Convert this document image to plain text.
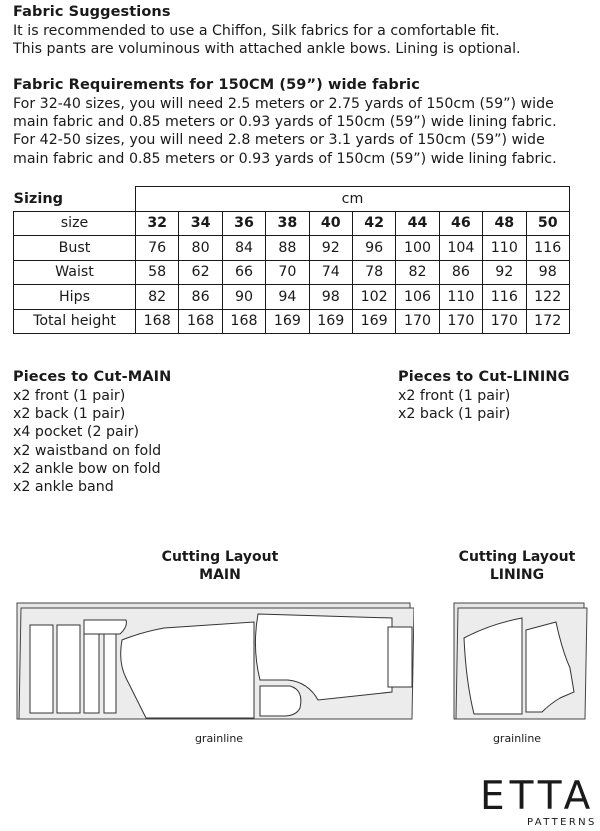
Fabric Suggestions
It is recommended to use a Chiffon, Silk fabrics for a comfortable fit.
This pants are voluminous with attached ankle bows. Lining is optional.
Fabric Requirements for 150CM (59”) wide fabric
For 32-40 sizes, you will need 2.5 meters or 2.75 yards of 150cm (59”) wide
main fabric and 0.85 meters or 0.93 yards of 150cm (59”) wide lining fabric.
For 42-50 sizes, you will need 2.8 meters or 3.1 yards of 150cm (59”) wide
main fabric and 0.85 meters or 0.93 yards of 150cm (59”) wide lining fabric.
Sizing	cm									
size	32	34	36	38	40	42	44	46	48	50
Bust	76	80	84	88	92	96	100	104	110	116
Waist	58	62	66	70	74	78	82	86	92	98
Hips	82	86	90	94	98	102	106	110	116	122
Total height	168	168	168	169	169	169	170	170	170	172
Pieces to Cut-MAIN
x2 front (1 pair)
x2 back (1 pair)
x4 pocket (2 pair)
x2 waistband on fold
x2 ankle bow on fold
x2 ankle band
Pieces to Cut-LINING
x2 front (1 pair)
x2 back (1 pair)
Cutting Layout
MAIN
Cutting Layout
LINING
grainline	grainline
ETTA
PATTERNS
